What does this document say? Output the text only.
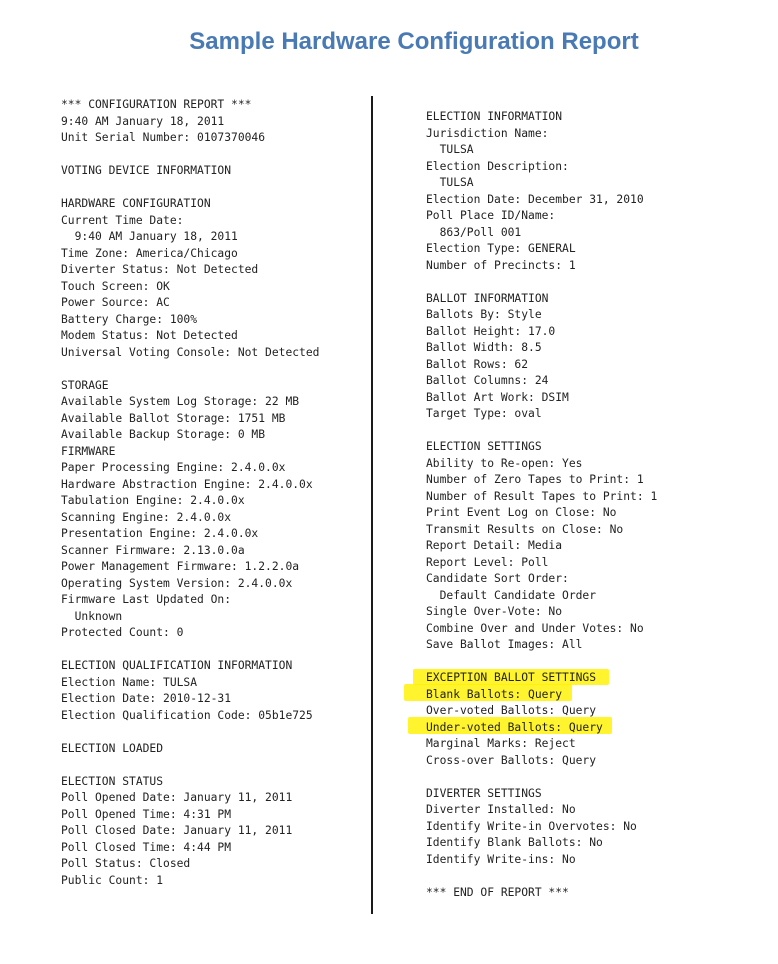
Sample Hardware Configuration Report
*** CONFIGURATION REPORT ***
9:40 AM January 18, 2011
Unit Serial Number: 0107370046
VOTING DEVICE INFORMATION
HARDWARE CONFIGURATION
Current Time Date:
9:40 AM January 18, 2011
Time Zone: America/Chicago
Diverter Status: Not Detected
Touch Screen: OK
Power Source: AC
Battery Charge: 100%
Modem Status: Not Detected
Universal Voting Console: Not Detected
STORAGE
Available System Log Storage: 22 MB
Available Ballot Storage: 1751 MB
Available Backup Storage: 0 MB
FIRMWARE
Paper Processing Engine: 2.4.0.0x
Hardware Abstraction Engine: 2.4.0.0x
Tabulation Engine: 2.4.0.0x
Scanning Engine: 2.4.0.0x
Presentation Engine: 2.4.0.0x
Scanner Firmware: 2.13.0.0a
Power Management Firmware: 1.2.2.0a
Operating System Version: 2.4.0.0x
Firmware Last Updated On:
Unknown
Protected Count: 0
ELECTION QUALIFICATION INFORMATION
Election Name: TULSA
Election Date: 2010-12-31
Election Qualification Code: 05b1e725
ELECTION LOADED
ELECTION STATUS
Poll Opened Date: January 11, 2011
Poll Opened Time: 4:31 PM
Poll Closed Date: January 11, 2011
Poll Closed Time: 4:44 PM
Poll Status: Closed
Public Count: 1
ELECTION INFORMATION
Jurisdiction Name:
TULSA
Election Description:
TULSA
Election Date: December 31, 2010
Poll Place ID/Name:
863/Poll 001
Election Type: GENERAL
Number of Precincts: 1
BALLOT INFORMATION
Ballots By: Style
Ballot Height: 17.0
Ballot Width: 8.5
Ballot Rows: 62
Ballot Columns: 24
Ballot Art Work: DSIM
Target Type: oval
ELECTION SETTINGS
Ability to Re-open: Yes
Number of Zero Tapes to Print: 1
Number of Result Tapes to Print: 1
Print Event Log on Close: No
Transmit Results on Close: No
Report Detail: Media
Report Level: Poll
Candidate Sort Order:
Default Candidate Order
Single Over-Vote: No
Combine Over and Under Votes: No
Save Ballot Images: All
EXCEPTION BALLOT SETTINGS
Blank Ballots: Query
Over-voted Ballots: Query
Under-voted Ballots: Query
Marginal Marks: Reject
Cross-over Ballots: Query
DIVERTER SETTINGS
Diverter Installed: No
Identify Write-in Overvotes: No
Identify Blank Ballots: No
Identify Write-ins: No
*** END OF REPORT ***
